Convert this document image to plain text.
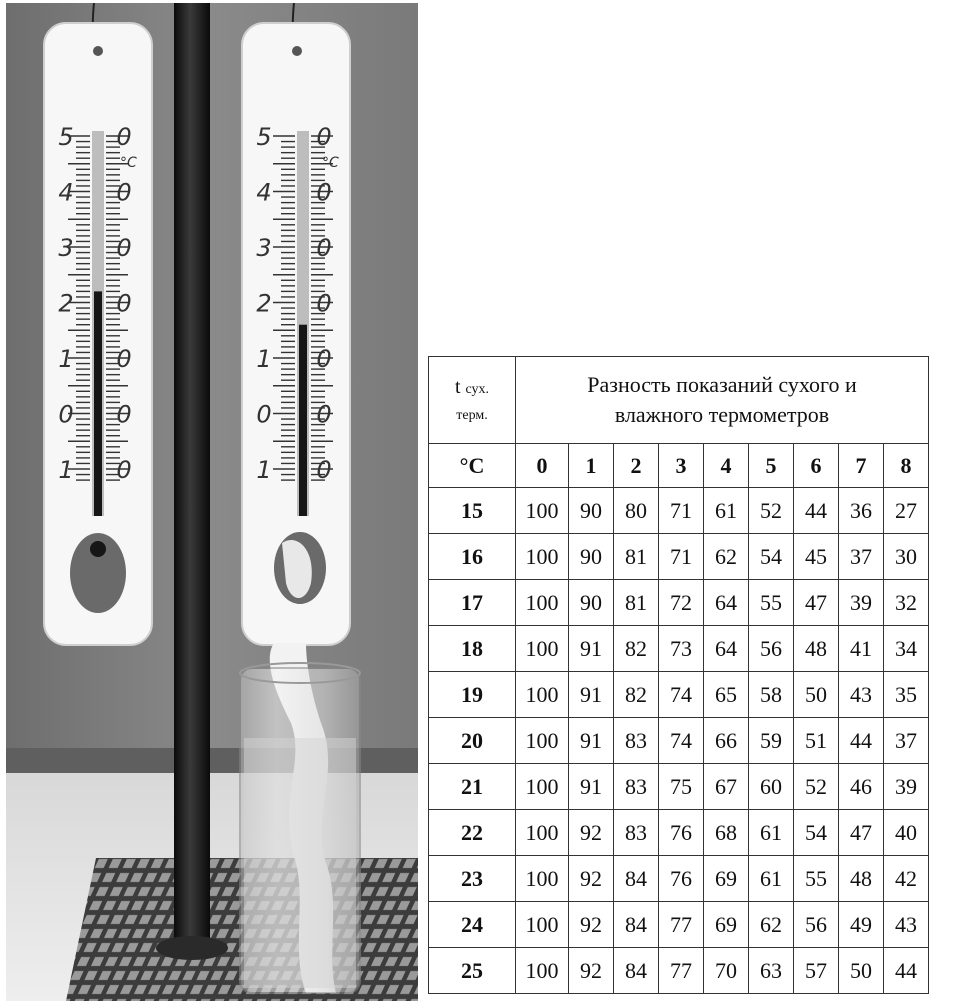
5 0
4 0
3 0
2 0
1 0
0 0
1 0
°C
5 0
4 0
3 0
2 0
1 0
0 0
1 0
°C
t сух.
терм.	Разность показаний сухого и
влажного термометров								
°С	0	1	2	3	4	5	6	7	8
15	100	90	80	71	61	52	44	36	27
16	100	90	81	71	62	54	45	37	30
17	100	90	81	72	64	55	47	39	32
18	100	91	82	73	64	56	48	41	34
19	100	91	82	74	65	58	50	43	35
20	100	91	83	74	66	59	51	44	37
21	100	91	83	75	67	60	52	46	39
22	100	92	83	76	68	61	54	47	40
23	100	92	84	76	69	61	55	48	42
24	100	92	84	77	69	62	56	49	43
25	100	92	84	77	70	63	57	50	44
